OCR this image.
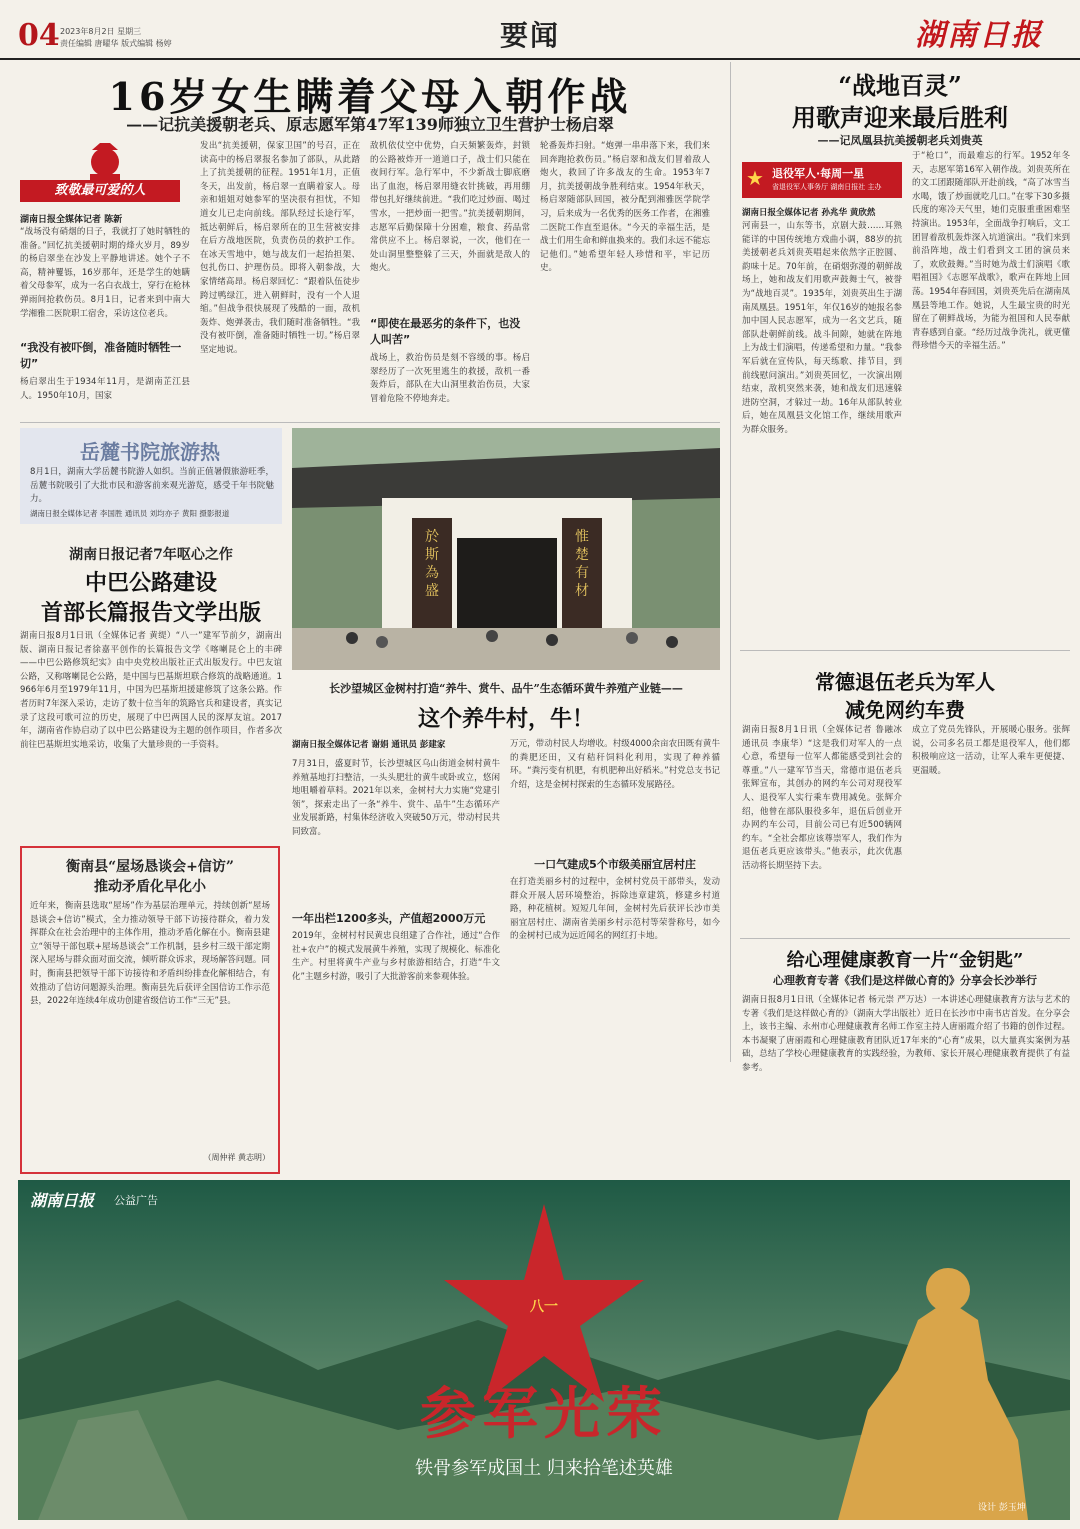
04 2023年8月2日 星期三
责任编辑 唐曜华 版式编辑 杨婷	要闻	湖南日报
16岁女生瞒着父母入朝作战
——记抗美援朝老兵、原志愿军第47军139师独立卫生营护士杨启翠
致敬最可爱的人
湖南日报全媒体记者 陈新
“战场没有硝烟的日子，我就打了她时牺牲的准备。”回忆抗美援朝时期的烽火岁月，89岁的杨启翠坐在沙发上平静地讲述。她个子不高，精神矍铄，16岁那年，还是学生的她瞒着父母参军，成为一名白衣战士，穿行在枪林弹雨间抢救伤员。8月1日，记者来到中南大学湘雅二医院职工宿舍，采访这位老兵。
“我没有被吓倒，准备随时牺牲一切”
杨启翠出生于1934年11月，是湖南芷江县人。1950年10月，国家
发出“抗美援朝，保家卫国”的号召，正在读高中的杨启翠报名参加了部队，从此踏上了抗美援朝的征程。1951年1月，正值冬天，出发前，杨启翠一直瞒着家人。母亲和姐姐对她参军的坚决很有担忧，不知道女儿已走向前线。部队经过长途行军，抵达朝鲜后，杨启翠所在的卫生营被安排在后方战地医院，负责伤员的救护工作。在冰天雪地中，她与战友们一起抬担架、包扎伤口、护理伤员。即将入朝参战，大家情绪高昂。杨启翠回忆：“跟着队伍徒步跨过鸭绿江，进入朝鲜时，没有一个人退缩。”但战争很快展现了残酷的一面，敌机轰炸、炮弹袭击，我们随时准备牺牲。“我没有被吓倒，准备随时牺牲一切。”杨启翠坚定地说。
敌机依仗空中优势，白天频繁轰炸，封锁的公路被炸开一道道口子，战士们只能在夜间行军。急行军中，不少新战士脚底磨出了血泡，杨启翠用缝衣针挑破，再用绷带包扎好继续前进。“我们吃过炒面、喝过雪水，一把炒面一把雪。”抗美援朝期间，志愿军后勤保障十分困难，粮食、药品常常供应不上。杨启翠说，一次，他们在一处山洞里整整躲了三天，外面就是敌人的炮火。
“即使在最恶劣的条件下，也没人叫苦”
战场上，救治伤员是刻不容缓的事。杨启翠经历了一次死里逃生的救援，敌机一番轰炸后，部队在大山洞里救治伤员，大家冒着危险不停地奔走。
轮番轰炸扫射。“炮弹一串串落下来，我们来回奔跑抢救伤员。”杨启翠和战友们冒着敌人炮火，救回了许多战友的生命。1953年7月，抗美援朝战争胜利结束。1954年秋天，杨启翠随部队回国，被分配到湘雅医学院学习，后来成为一名优秀的医务工作者，在湘雅二医院工作直至退休。“今天的幸福生活，是战士们用生命和鲜血换来的。我们永远不能忘记他们。”她希望年轻人珍惜和平，牢记历史。
“战地百灵”
用歌声迎来最后胜利
——记凤凰县抗美援朝老兵刘贵英
★ 退役军人·每周一星
省退役军人事务厅 湖南日报社 主办
湖南日报全媒体记者 孙兆华 黄欣然
河南县一，山东等书，京剧大鼓……耳熟能详的中国传统地方戏曲小调，88岁的抗美援朝老兵刘贵英唱起来依然字正腔圆、韵味十足。70年前，在硝烟弥漫的朝鲜战场上，她和战友们用歌声鼓舞士气，被誉为“战地百灵”。1935年，刘贵英出生于湖南凤凰县。1951年，年仅16岁的她报名参加中国人民志愿军，成为一名文艺兵，随部队赴朝鲜前线。战斗间隙，她就在阵地上为战士们演唱，传递希望和力量。“我参军后就在宣传队，每天练歌、排节目，到前线慰问演出。”刘贵英回忆，一次演出刚结束，敌机突然来袭，她和战友们迅速躲进防空洞，才躲过一劫。16年从部队转业后，她在凤凰县文化馆工作，继续用歌声为群众服务。
于“枪口”，而最难忘的行军。1952年冬天，志愿军第16军入朝作战。刘贵英所在的文工团跟随部队开赴前线，“高了冰雪当水喝，饿了炒面就吃几口。”在零下30多摄氏度的寒冷天气里，她们克服重重困难坚持演出。1953年，全面战争打响后，文工团冒着敌机轰炸深入坑道演出。“我们来到前沿阵地，战士们看到文工团的演员来了，欢欣鼓舞。”当时她为战士们演唱《歌唱祖国》《志愿军战歌》，歌声在阵地上回荡。1954年春回国，刘贵英先后在湖南凤凰县等地工作。她说，人生最宝贵的时光留在了朝鲜战场，为能为祖国和人民奉献青春感到自豪。“经历过战争洗礼，就更懂得珍惜今天的幸福生活。”
岳麓书院旅游热
8月1日，湖南大学岳麓书院游人如织。当前正值暑假旅游旺季，岳麓书院吸引了大批市民和游客前来观光游览，感受千年书院魅力。
湖南日报全媒体记者 李国胜 通讯员 刘均亦子 黄阳 摄影报道
湖南日报记者7年呕心之作
中巴公路建设
首部长篇报告文学出版
湖南日报8月1日讯（全媒体记者 黄缇）“八一”建军节前夕，湖南出版、湖南日报记者徐嘉平创作的长篇报告文学《喀喇昆仑上的丰碑——中巴公路修筑纪实》由中央党校出版社正式出版发行。中巴友谊公路，又称喀喇昆仑公路，是中国与巴基斯坦联合修筑的战略通道。1966年6月至1979年11月，中国为巴基斯坦援建修筑了这条公路。作者历时7年深入采访，走访了数十位当年的筑路官兵和建设者，真实记录了这段可歌可泣的历史，展现了中巴两国人民的深厚友谊。2017年，湖南省作协启动了以中巴公路建设为主题的创作项目，作者多次前往巴基斯坦实地采访，收集了大量珍贵的一手资料。
衡南县“屋场恳谈会+信访”
推动矛盾化早化小
近年来，衡南县选取“屋场”作为基层治理单元，持续创新“屋场恳谈会+信访”模式，全力推动领导干部下访接待群众，着力发挥群众在社会治理中的主体作用，推动矛盾化解在小。衡南县建立“领导干部包联+屋场恳谈会”工作机制，县乡村三级干部定期深入屋场与群众面对面交流，倾听群众诉求，现场解答问题。同时，衡南县把领导干部下访接待和矛盾纠纷排查化解相结合，有效推动了信访问题源头治理。衡南县先后获评全国信访工作示范县，2022年连续4年成功创建省级信访工作“三无”县。
（周仲祥 黄志明）
於斯為盛
惟楚有材
长沙望城区金树村打造“养牛、赏牛、品牛”生态循环黄牛养殖产业链——
这个养牛村，牛！
湖南日报全媒体记者 谢娟 通讯员 彭建家
7月31日，盛夏时节，长沙望城区乌山街道金树村黄牛养殖基地打扫整洁，一头头肥壮的黄牛或卧或立，悠闲地咀嚼着草料。2021年以来，金树村大力实施“党建引领”，探索走出了一条“养牛、赏牛、品牛”生态循环产业发展新路，村集体经济收入突破50万元，带动村民共同致富。
一年出栏1200多头，产值超2000万元
2019年，金树村村民黄忠良组建了合作社，通过“合作社+农户”的模式发展黄牛养殖，实现了规模化、标准化生产。村里将黄牛产业与乡村旅游相结合，打造“牛文化”主题乡村游，吸引了大批游客前来参观体验。
万元，带动村民人均增收。村级4000余亩农田既有黄牛的粪肥还田，又有秸秆饲料化利用，实现了种养循环。“粪污变有机肥，有机肥种出好稻米。”村党总支书记介绍，这是金树村探索的生态循环发展路径。
一口气建成5个市级美丽宜居村庄
在打造美丽乡村的过程中，金树村党员干部带头，发动群众开展人居环境整治，拆除违章建筑，修建乡村道路，种花植树。短短几年间，金树村先后获评长沙市美丽宜居村庄、湖南省美丽乡村示范村等荣誉称号，如今的金树村已成为远近闻名的网红打卡地。
常德退伍老兵为军人
减免网约车费
湖南日报8月1日讯（全媒体记者 鲁融冰 通讯员 李康华）“这是我们对军人的一点心意，希望每一位军人都能感受到社会的尊重。”八一建军节当天，常德市退伍老兵张辉宣布，其创办的网约车公司对现役军人、退役军人实行乘车费用减免。张辉介绍，他曾在部队服役多年，退伍后创业开办网约车公司，目前公司已有近500辆网约车。“全社会都应该尊崇军人，我们作为退伍老兵更应该带头。”他表示，此次优惠活动将长期坚持下去。
成立了党员先锋队，开展暖心服务。张辉说，公司多名员工都是退役军人，他们都积极响应这一活动，让军人乘车更便捷、更温暖。
给心理健康教育一片“金钥匙”
心理教育专著《我们是这样做心育的》分享会长沙举行
湖南日报8月1日讯（全媒体记者 杨元崇 严万达）一本讲述心理健康教育方法与艺术的专著《我们是这样做心育的》（湖南大学出版社）近日在长沙市中南书店首发。在分享会上，该书主编、永州市心理健康教育名师工作室主持人唐丽霞介绍了书籍的创作过程。本书凝聚了唐丽霞和心理健康教育团队近17年来的“心育”成果，以大量真实案例为基础，总结了学校心理健康教育的实践经验，为教师、家长开展心理健康教育提供了有益参考。
湖南日报 公益广告
八一
参军光荣
铁骨参军成国土 归来拾笔述英雄
设计 彭玉坤
